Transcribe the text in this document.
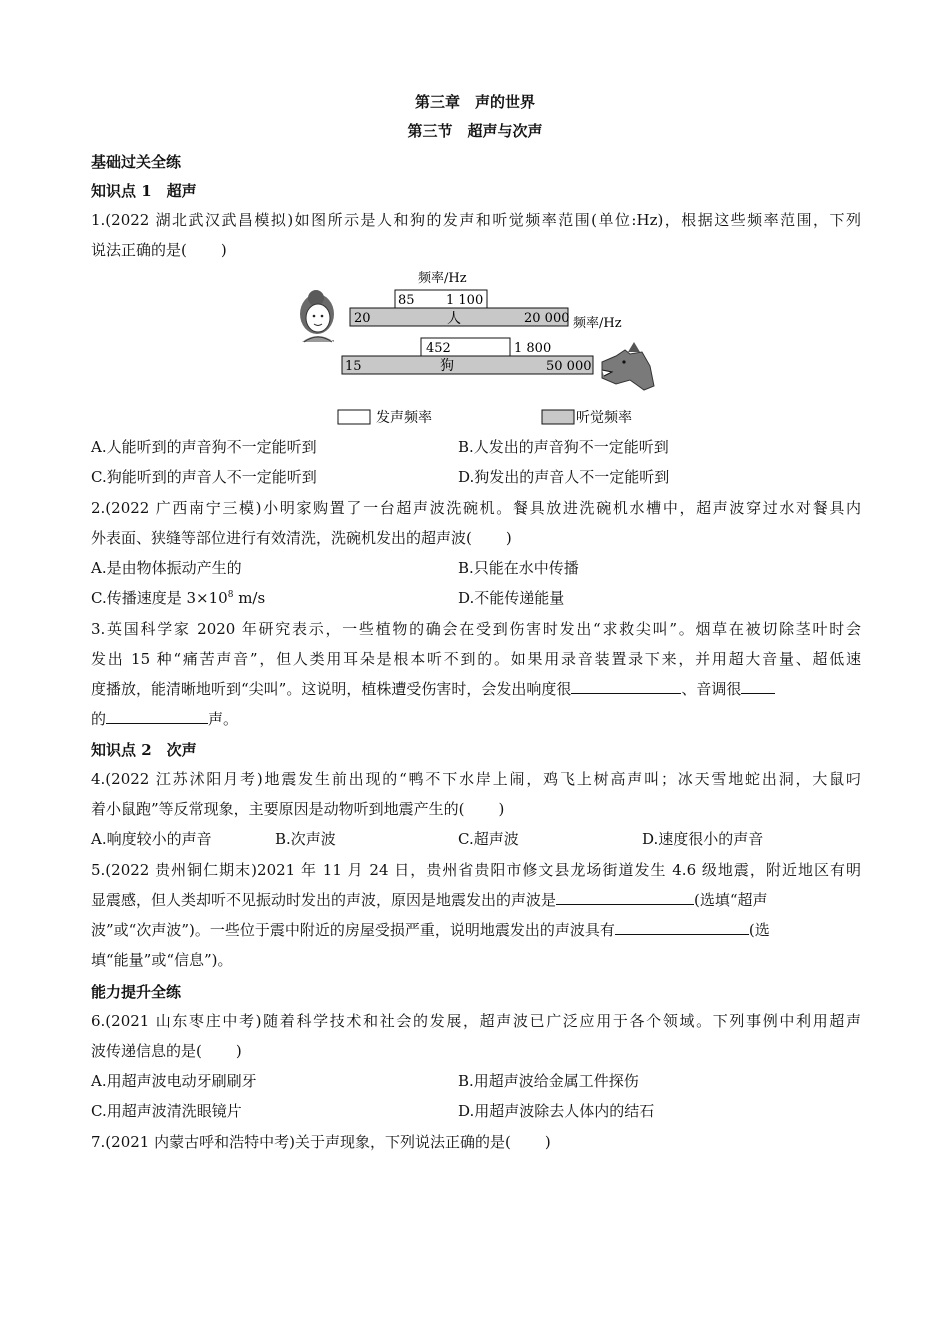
第三章　声的世界
第三节　超声与次声
基础过关全练
知识点 1　超声
1.(2022 湖北武汉武昌模拟)如图所示是人和狗的发声和听觉频率范围(单位:Hz)，根据这些频率范围，下列
说法正确的是( )
频率/Hz
85 1 100
20	人	20 000 频率/Hz
452	1 800
15	狗	50 000
发声频率	听觉频率
A.人能听到的声音狗不一定能听到	B.人发出的声音狗不一定能听到
C.狗能听到的声音人不一定能听到	D.狗发出的声音人不一定能听到
2.(2022 广西南宁三模)小明家购置了一台超声波洗碗机。餐具放进洗碗机水槽中，超声波穿过水对餐具内
外表面、狭缝等部位进行有效清洗，洗碗机发出的超声波( )
A.是由物体振动产生的	B.只能在水中传播
C.传播速度是 $3\times 10^8$ m/s	D.不能传递能量
3.英国科学家 2020 年研究表示，一些植物的确会在受到伤害时发出“求救尖叫”。烟草在被切除茎叶时会
发出 15 种“痛苦声音”，但人类用耳朵是根本听不到的。如果用录音装置录下来，并用超大音量、超低速
度播放，能清晰地听到“尖叫”。这说明，植株遭受伤害时，会发出响度很	、音调很
的	声。
知识点 2　次声
4.(2022 江苏沭阳月考)地震发生前出现的“鸭不下水岸上闹，鸡飞上树高声叫；冰天雪地蛇出洞，大鼠叼
着小鼠跑”等反常现象，主要原因是动物听到地震产生的( )
A.响度较小的声音	B.次声波	C.超声波	D.速度很小的声音
5.(2022 贵州铜仁期末)2021 年 11 月 24 日，贵州省贵阳市修文县龙场街道发生 4.6 级地震，附近地区有明
显震感，但人类却听不见振动时发出的声波，原因是地震发出的声波是	(选填“超声
波”或“次声波”)。一些位于震中附近的房屋受损严重，说明地震发出的声波具有	(选
填“能量”或“信息”)。
能力提升全练
6.(2021 山东枣庄中考)随着科学技术和社会的发展，超声波已广泛应用于各个领域。下列事例中利用超声
波传递信息的是( )
A.用超声波电动牙刷刷牙	B.用超声波给金属工件探伤
C.用超声波清洗眼镜片	D.用超声波除去人体内的结石
7.(2021 内蒙古呼和浩特中考)关于声现象，下列说法正确的是( )
